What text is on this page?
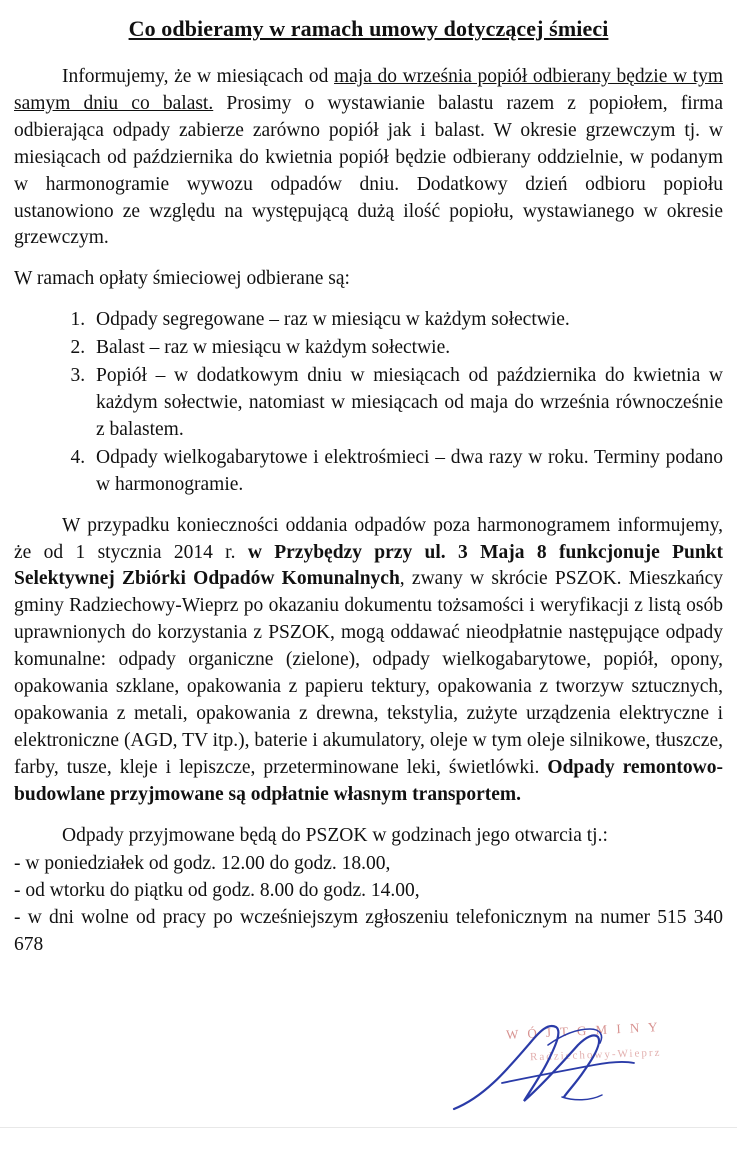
Co odbieramy w ramach umowy dotyczącej śmieci

Informujemy, że w miesiącach od maja do września popiół odbierany będzie w tym samym dniu co balast. Prosimy o wystawianie balastu razem z popiołem, firma odbierająca odpady zabierze zarówno popiół jak i balast. W okresie grzewczym tj. w miesiącach od października do kwietnia popiół będzie odbierany oddzielnie, w podanym w harmonogramie wywozu odpadów dniu. Dodatkowy dzień odbioru popiołu ustanowiono ze względu na występującą dużą ilość popiołu, wystawianego w okresie grzewczym.

W ramach opłaty śmieciowej odbierane są:

1. Odpady segregowane – raz w miesiącu w każdym sołectwie.
2. Balast – raz w miesiącu w każdym sołectwie.
3. Popiół – w dodatkowym dniu w miesiącach od października do kwietnia w każdym sołectwie, natomiast w miesiącach od maja do września równocześnie z balastem.
4. Odpady wielkogabarytowe i elektrośmieci – dwa razy w roku. Terminy podano w harmonogramie.

W przypadku konieczności oddania odpadów poza harmonogramem informujemy, że od 1 stycznia 2014 r. w Przybędzy przy ul. 3 Maja 8 funkcjonuje Punkt Selektywnej Zbiórki Odpadów Komunalnych, zwany w skrócie PSZOK. Mieszkańcy gminy Radziechowy-Wieprz po okazaniu dokumentu tożsamości i weryfikacji z listą osób uprawnionych do korzystania z PSZOK, mogą oddawać nieodpłatnie następujące odpady komunalne: odpady organiczne (zielone), odpady wielkogabarytowe, popiół, opony, opakowania szklane, opakowania z papieru tektury, opakowania z tworzyw sztucznych, opakowania z metali, opakowania z drewna, tekstylia, zużyte urządzenia elektryczne i elektroniczne (AGD, TV itp.), baterie i akumulatory, oleje w tym oleje silnikowe, tłuszcze, farby, tusze, kleje i lepiszcze, przeterminowane leki, świetlówki. Odpady remontowo-budowlane przyjmowane są odpłatnie własnym transportem.

Odpady przyjmowane będą do PSZOK w godzinach jego otwarcia tj.:

- w poniedziałek od godz. 12.00 do godz. 18.00,
- od wtorku do piątku od godz. 8.00 do godz. 14.00,
- w dni wolne od pracy po wcześniejszym zgłoszeniu telefonicznym na numer 515 340 678
W Ó J T G M I N Y
Radziechowy-Wieprz
